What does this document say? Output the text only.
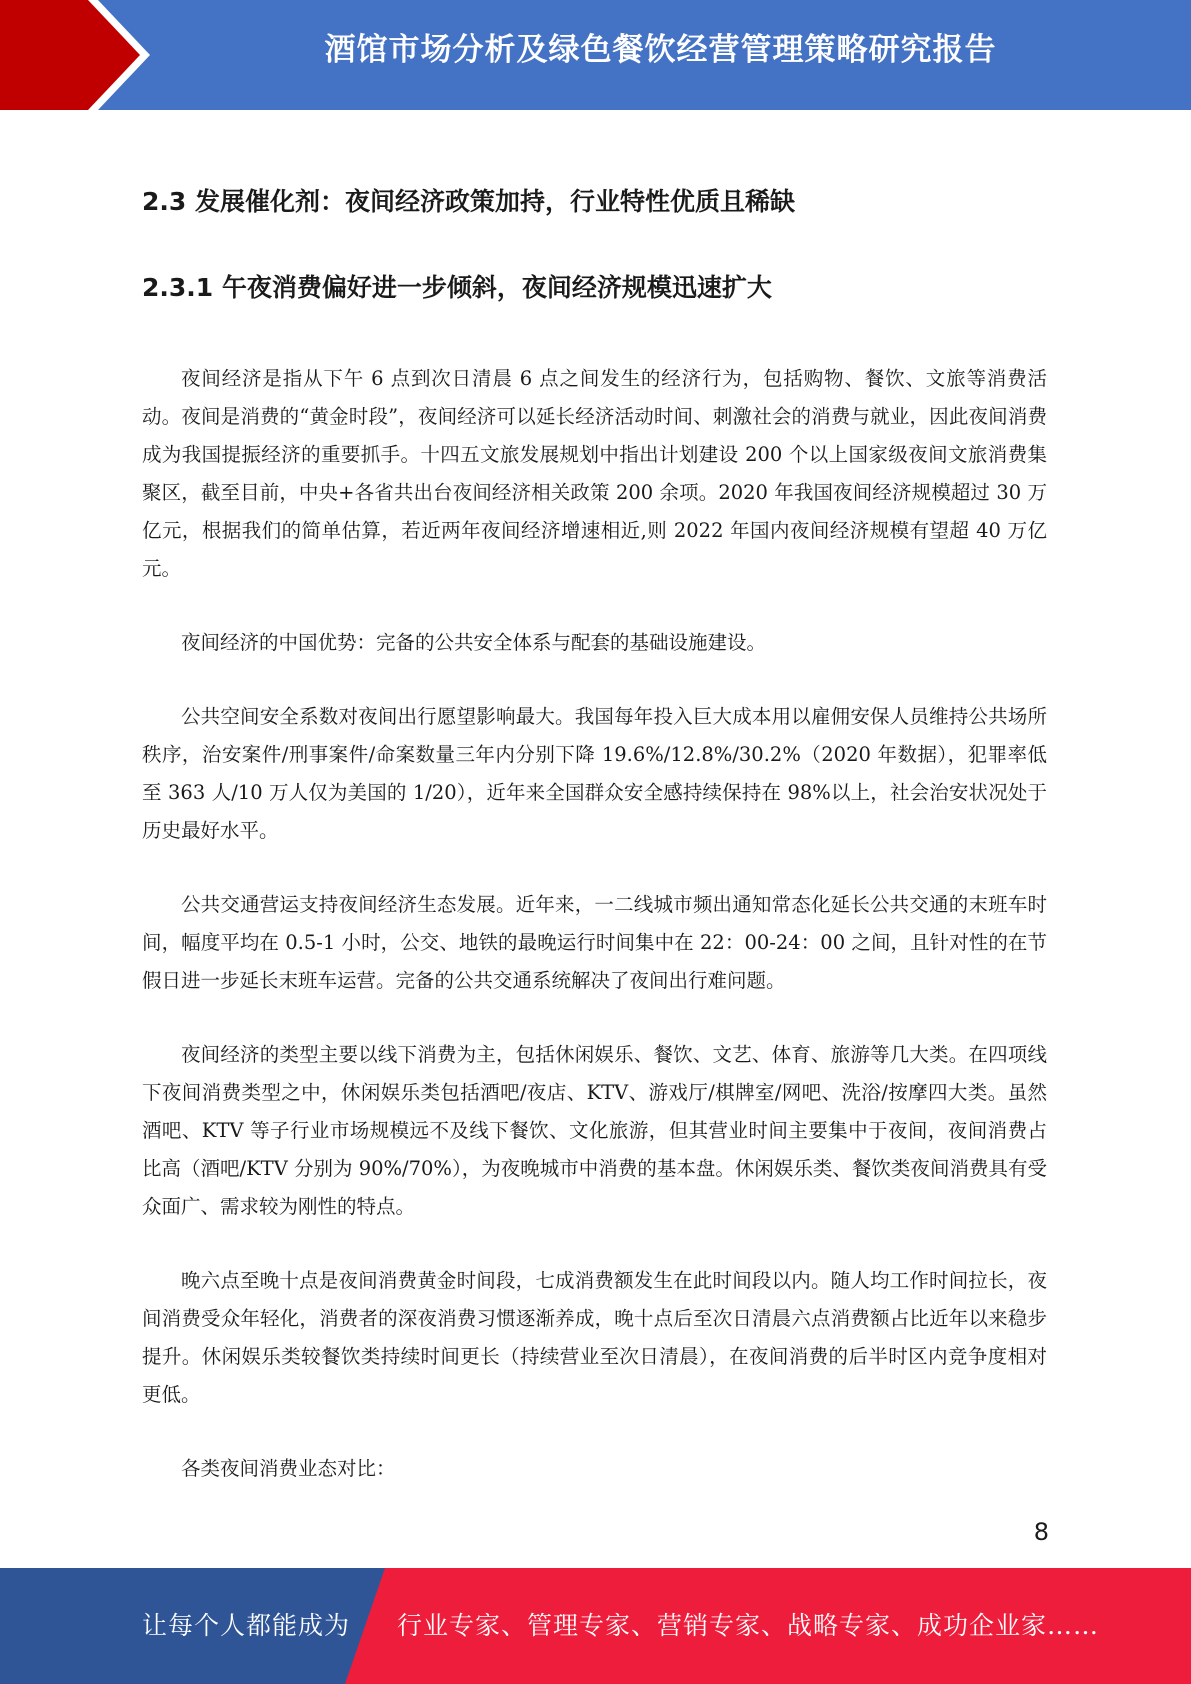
酒馆市场分析及绿色餐饮经营管理策略研究报告
2.3 发展催化剂：夜间经济政策加持，行业特性优质且稀缺
2.3.1 午夜消费偏好进一步倾斜，夜间经济规模迅速扩大

夜间经济是指从下午 6 点到次日清晨 6 点之间发生的经济行为，包括购物、餐饮、文旅等消费活动。夜间是消费的“黄金时段”，夜间经济可以延长经济活动时间、刺激社会的消费与就业，因此夜间消费成为我国提振经济的重要抓手。十四五文旅发展规划中指出计划建设 200 个以上国家级夜间文旅消费集聚区，截至目前，中央+各省共出台夜间经济相关政策 200 余项。2020 年我国夜间经济规模超过 30 万亿元，根据我们的简单估算，若近两年夜间经济增速相近,则 2022 年国内夜间经济规模有望超 40 万亿元。

夜间经济的中国优势：完备的公共安全体系与配套的基础设施建设。

公共空间安全系数对夜间出行愿望影响最大。我国每年投入巨大成本用以雇佣安保人员维持公共场所秩序，治安案件/刑事案件/命案数量三年内分别下降 19.6%/12.8%/30.2%（2020 年数据），犯罪率低至 363 人/10 万人仅为美国的 1/20），近年来全国群众安全感持续保持在 98%以上，社会治安状况处于历史最好水平。

公共交通营运支持夜间经济生态发展。近年来，一二线城市频出通知常态化延长公共交通的末班车时间，幅度平均在 0.5-1 小时，公交、地铁的最晚运行时间集中在 22：00-24：00 之间，且针对性的在节假日进一步延长末班车运营。完备的公共交通系统解决了夜间出行难问题。

夜间经济的类型主要以线下消费为主，包括休闲娱乐、餐饮、文艺、体育、旅游等几大类。在四项线下夜间消费类型之中，休闲娱乐类包括酒吧/夜店、KTV、游戏厅/棋牌室/网吧、洗浴/按摩四大类。虽然酒吧、KTV 等子行业市场规模远不及线下餐饮、文化旅游，但其营业时间主要集中于夜间，夜间消费占比高（酒吧/KTV 分别为 90%/70%），为夜晚城市中消费的基本盘。休闲娱乐类、餐饮类夜间消费具有受众面广、需求较为刚性的特点。

晚六点至晚十点是夜间消费黄金时间段，七成消费额发生在此时间段以内。随人均工作时间拉长，夜间消费受众年轻化，消费者的深夜消费习惯逐渐养成，晚十点后至次日清晨六点消费额占比近年以来稳步提升。休闲娱乐类较餐饮类持续时间更长（持续营业至次日清晨），在夜间消费的后半时区内竞争度相对更低。

各类夜间消费业态对比：

8
让每个人都能成为 行业专家、管理专家、营销专家、战略专家、成功企业家……
